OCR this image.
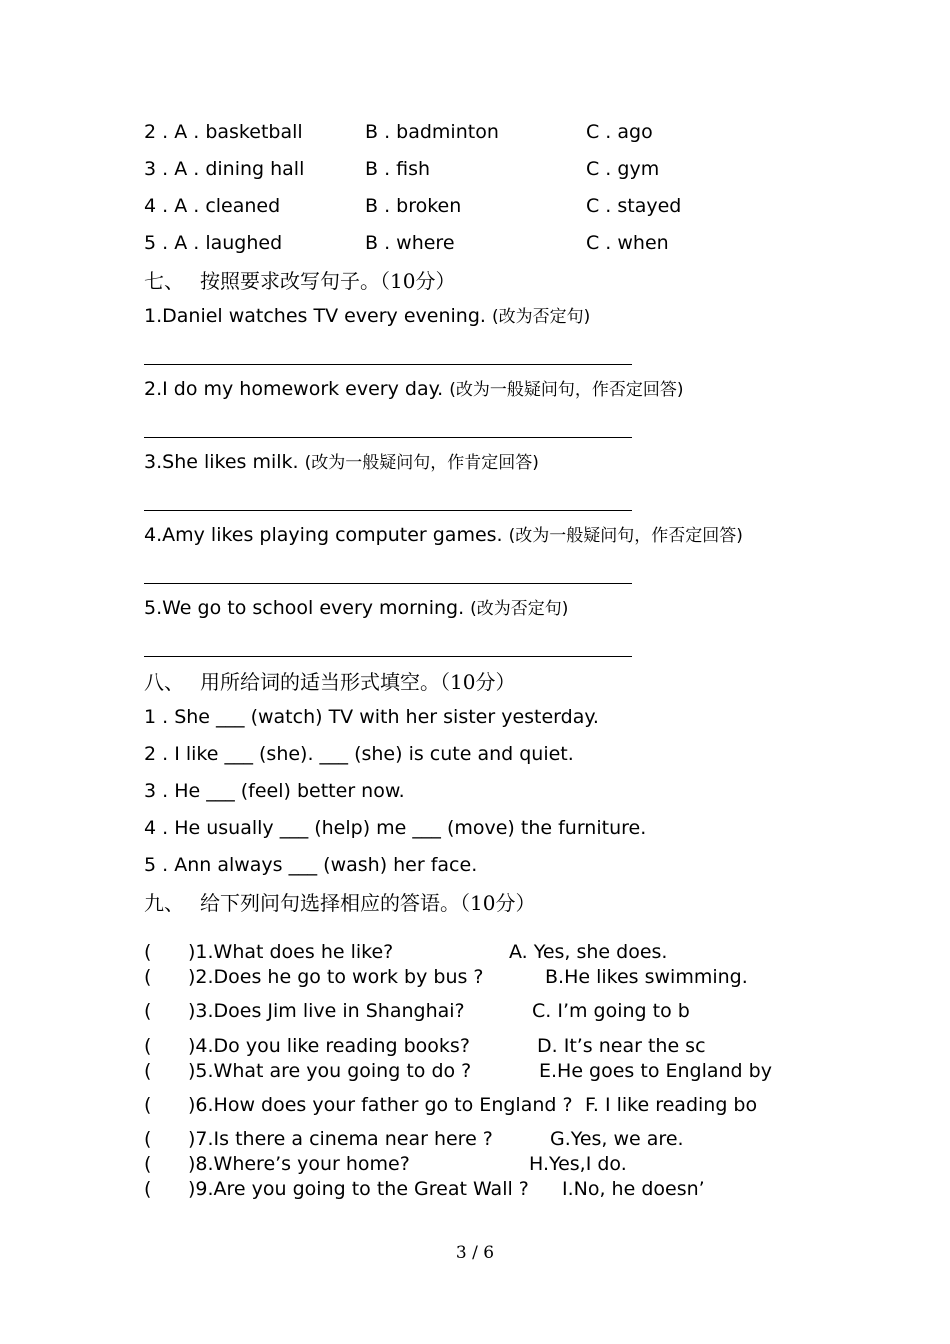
2 . A . basketball	B . badminton	C . ago
3 . A . dining hall	B . fish	C . gym
4 . A . cleaned	B . broken	C . stayed
5 . A . laughed	B . where	C . when
七、 按照要求改写句子。（10分）
1.Daniel watches TV every evening. (改为否定句)
2.I do my homework every day. (改为一般疑问句，作否定回答)
3.She likes milk. (改为一般疑问句，作肯定回答)
4.Amy likes playing computer games. (改为一般疑问句，作否定回答)
5.We go to school every morning. (改为否定句)
八、 用所给词的适当形式填空。（10分）
1 . She ___ (watch) TV with her sister yesterday.
2 . I like ___ (she). ___ (she) is cute and quiet.
3 . He ___ (feel) better now.
4 . He usually ___ (help) me ___ (move) the furniture.
5 . Ann always ___ (wash) her face.
九、 给下列问句选择相应的答语。（10分）
( )1.What does he like?	A. Yes, she does.
( )2.Does he go to work by bus ?	B.He likes swimming.
( )3.Does Jim live in Shanghai?	C. I’m going to b
( )4.Do you like reading books?	D. It’s near the sc
( )5.What are you going to do ?	E.He goes to England by
( )6.How does your father go to England ? F. I like reading bo
( )7.Is there a cinema near here ?	G.Yes, we are.
( )8.Where’s your home?	H.Yes,I do.
( )9.Are you going to the Great Wall ? I.No, he doesn’
3 / 6
